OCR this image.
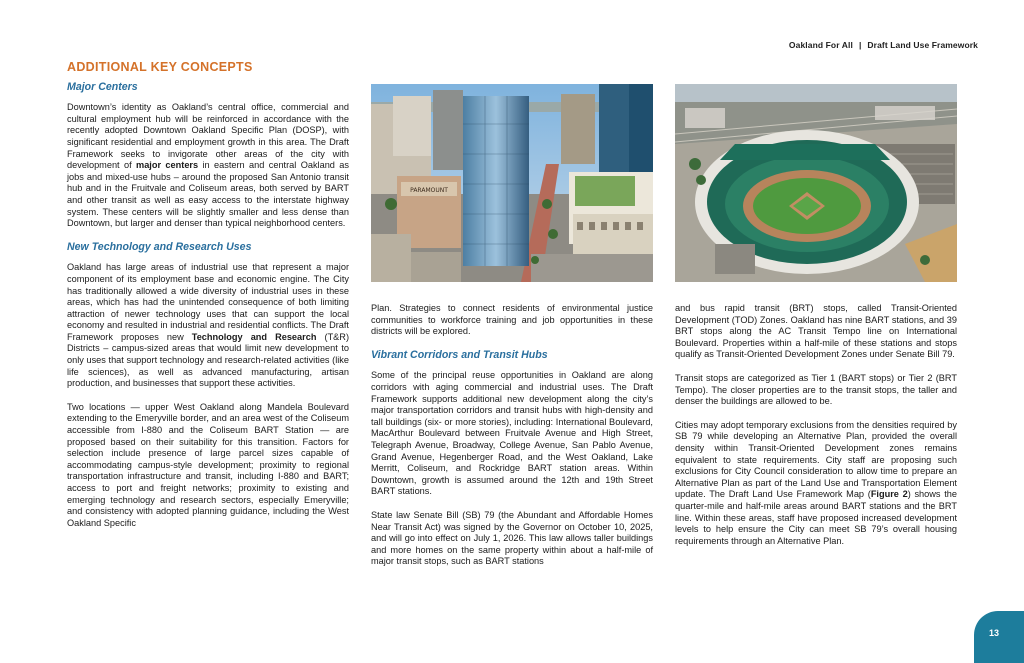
Oakland For All | Draft Land Use Framework
ADDITIONAL KEY CONCEPTS
Major Centers

Downtown’s identity as Oakland’s central office, commercial and cultural employment hub will be reinforced in accordance with the recently adopted Downtown Oakland Specific Plan (DOSP), with significant residential and employment growth in this area. The Draft Framework seeks to invigorate other areas of the city with development of major centers in eastern and central Oakland as jobs and mixed-use hubs – around the proposed San Antonio transit hub and in the Fruitvale and Coliseum areas, both served by BART and other transit as well as easy access to the interstate highway system. These centers will be slightly smaller and less dense than Downtown, but larger and denser than typical neighborhood centers.

New Technology and Research Uses

Oakland has large areas of industrial use that represent a major component of its employment base and economic engine. The City has traditionally allowed a wide diversity of industrial uses in these areas, which has had the unintended consequence of both limiting attraction of newer technology uses that can support the local economy and resulted in industrial and residential conflicts. The Draft Framework proposes new Technology and Research (T&R) Districts – campus-sized areas that would limit new development to only uses that support technology and research-related activities (like life sciences), as well as advanced manufacturing, artisan production, and businesses that support these activities.

Two locations — upper West Oakland along Mandela Boulevard extending to the Emeryville border, and an area west of the Coliseum accessible from I-880 and the Coliseum BART Station — are proposed based on their suitability for this transition. Factors for selection include presence of large parcel sizes capable of accommodating campus-style development; proximity to regional transportation infrastructure and transit, including I-880 and BART; access to port and freight networks; proximity to existing and emerging technology and research sectors, especially Emeryville; and consistency with adopted planning guidance, including the West Oakland Specific

PARAMOUNT

Plan. Strategies to connect residents of environmental justice communities to workforce training and job opportunities in these districts will be explored.

Vibrant Corridors and Transit Hubs

Some of the principal reuse opportunities in Oakland are along corridors with aging commercial and industrial uses. The Draft Framework supports additional new development along the city’s major transportation corridors and transit hubs with high-density and tall buildings (six- or more stories), including: International Boulevard, MacArthur Boulevard between Fruitvale Avenue and High Street, Telegraph Avenue, Broadway, College Avenue, San Pablo Avenue, Grand Avenue, Hegenberger Road, and the West Oakland, Lake Merritt, Coliseum, and Rockridge BART station areas. Within Downtown, growth is assumed around the 12th and 19th Street BART stations.

State law Senate Bill (SB) 79 (the Abundant and Affordable Homes Near Transit Act) was signed by the Governor on October 10, 2025, and will go into effect on July 1, 2026. This law allows taller buildings and more homes on the same property within about a half-mile of major transit stops, such as BART stations

and bus rapid transit (BRT) stops, called Transit-Oriented Development (TOD) Zones. Oakland has nine BART stations, and 39 BRT stops along the AC Transit Tempo line on International Boulevard. Properties within a half-mile of these stations and stops qualify as Transit-Oriented Development Zones under Senate Bill 79.

Transit stops are categorized as Tier 1 (BART stops) or Tier 2 (BRT Tempo). The closer properties are to the transit stops, the taller and denser the buildings are allowed to be.

Cities may adopt temporary exclusions from the densities required by SB 79 while developing an Alternative Plan, provided the overall density within Transit-Oriented Development zones remains equivalent to state requirements. City staff are proposing such exclusions for City Council consideration to allow time to prepare an Alternative Plan as part of the Land Use and Transportation Element update. The Draft Land Use Framework Map (Figure 2) shows the quarter-mile and half-mile areas around BART stations and the BRT line. Within these areas, staff have proposed increased development levels to help ensure the City can meet SB 79’s overall housing requirements through an Alternative Plan.

13
